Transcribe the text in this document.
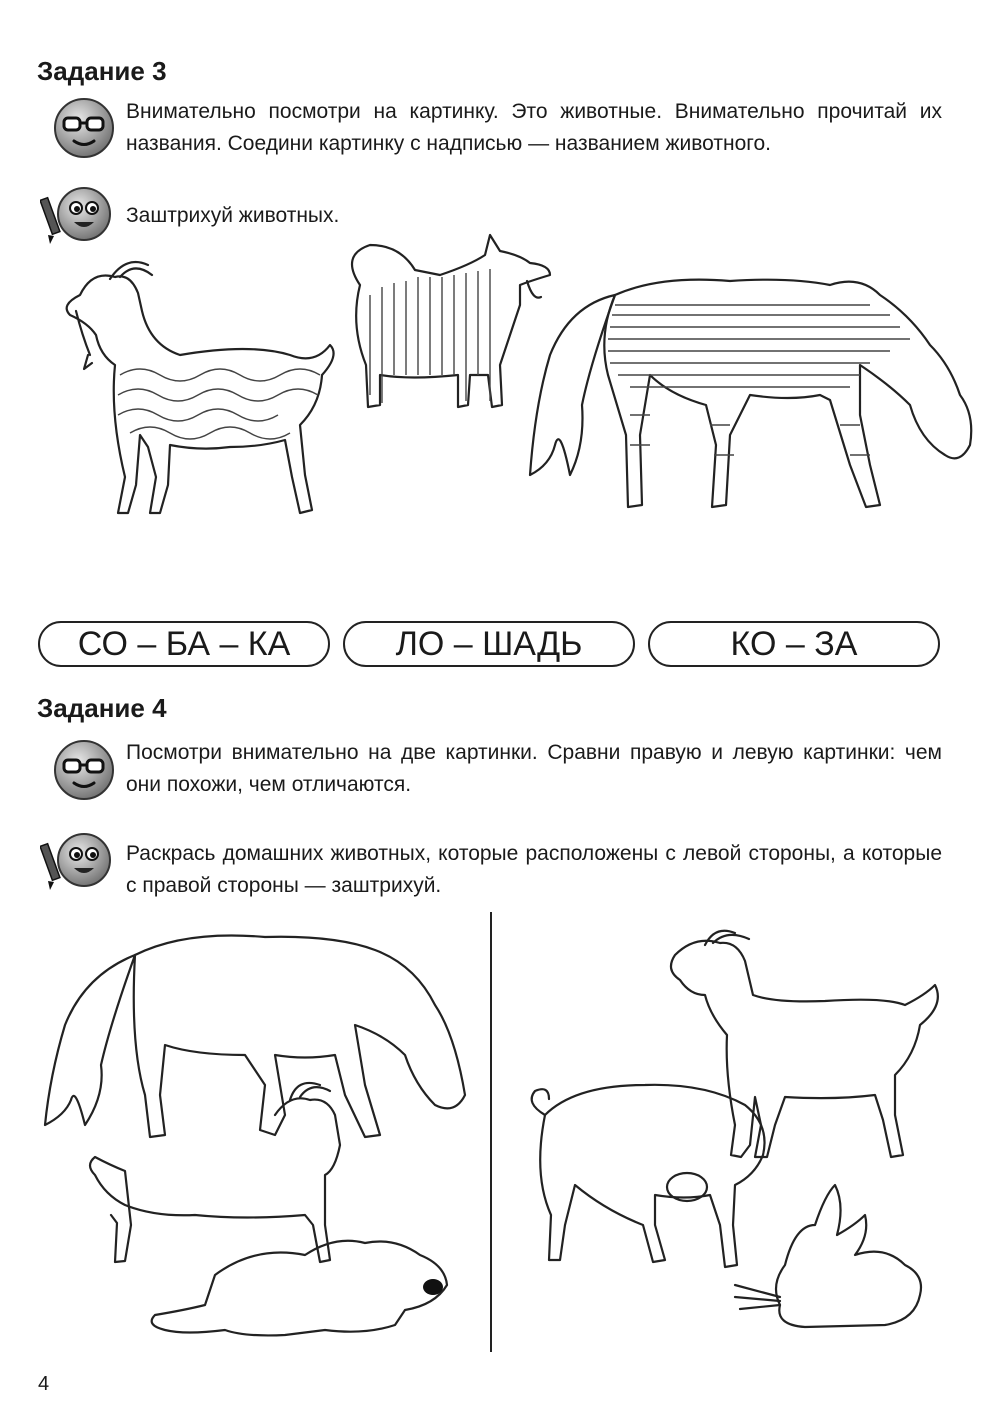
Задание 3
Внимательно посмотри на картинку. Это животные. Внимательно прочитай их названия. Соедини картинку с надписью — названием животного.
Заштрихуй животных.
СО – БА – КА	ЛО – ШАДЬ	КО – ЗА
Задание 4
Посмотри внимательно на две картинки. Сравни правую и левую картинки: чем они похожи, чем отличаются.
Раскрась домашних животных, которые расположены с левой стороны, а которые с правой стороны — заштрихуй.
4
